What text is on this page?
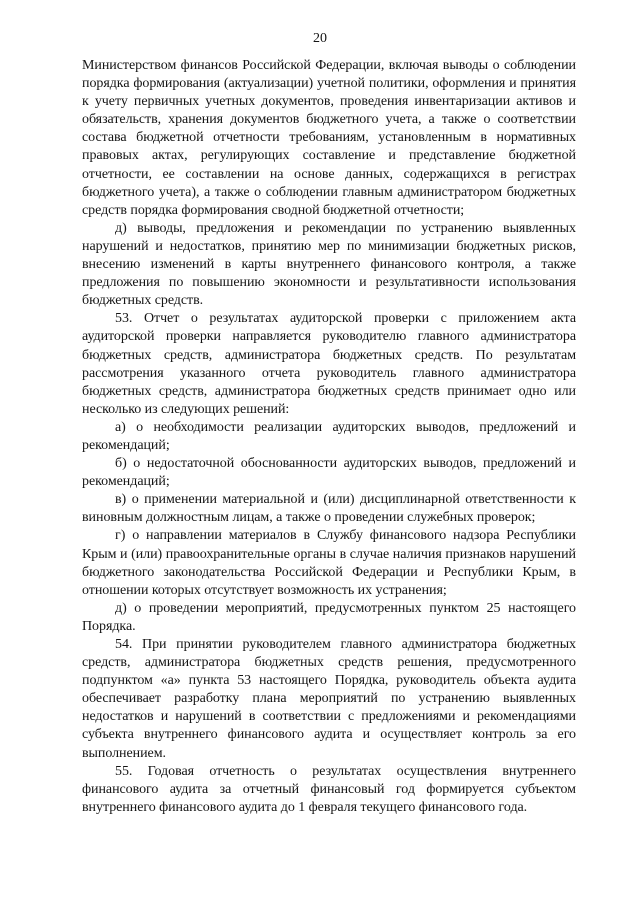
20

Министерством финансов Российской Федерации, включая выводы о соблюдении порядка формирования (актуализации) учетной политики, оформления и принятия к учету первичных учетных документов, проведения инвентаризации активов и обязательств, хранения документов бюджетного учета, а также о соответствии состава бюджетной отчетности требованиям, установленным в нормативных правовых актах, регулирующих составление и представление бюджетной отчетности, ее составлении на основе данных, содержащихся в регистрах бюджетного учета), а также о соблюдении главным администратором бюджетных средств порядка формирования сводной бюджетной отчетности;

д) выводы, предложения и рекомендации по устранению выявленных нарушений и недостатков, принятию мер по минимизации бюджетных рисков, внесению изменений в карты внутреннего финансового контроля, а также предложения по повышению экономности и результативности использования бюджетных средств.

53. Отчет о результатах аудиторской проверки с приложением акта аудиторской проверки направляется руководителю главного администратора бюджетных средств, администратора бюджетных средств. По результатам рассмотрения указанного отчета руководитель главного администратора бюджетных средств, администратора бюджетных средств принимает одно или несколько из следующих решений:

а) о необходимости реализации аудиторских выводов, предложений и рекомендаций;

б) о недостаточной обоснованности аудиторских выводов, предложений и рекомендаций;

в) о применении материальной и (или) дисциплинарной ответственности к виновным должностным лицам, а также о проведении служебных проверок;

г) о направлении материалов в Службу финансового надзора Республики Крым и (или) правоохранительные органы в случае наличия признаков нарушений бюджетного законодательства Российской Федерации и Республики Крым, в отношении которых отсутствует возможность их устранения;

д) о проведении мероприятий, предусмотренных пунктом 25 настоящего Порядка.

54. При принятии руководителем главного администратора бюджетных средств, администратора бюджетных средств решения, предусмотренного подпунктом «а» пункта 53 настоящего Порядка, руководитель объекта аудита обеспечивает разработку плана мероприятий по устранению выявленных недостатков и нарушений в соответствии с предложениями и рекомендациями субъекта внутреннего финансового аудита и осуществляет контроль за его выполнением.

55. Годовая отчетность о результатах осуществления внутреннего финансового аудита за отчетный финансовый год формируется субъектом внутреннего финансового аудита до 1 февраля текущего финансового года.
